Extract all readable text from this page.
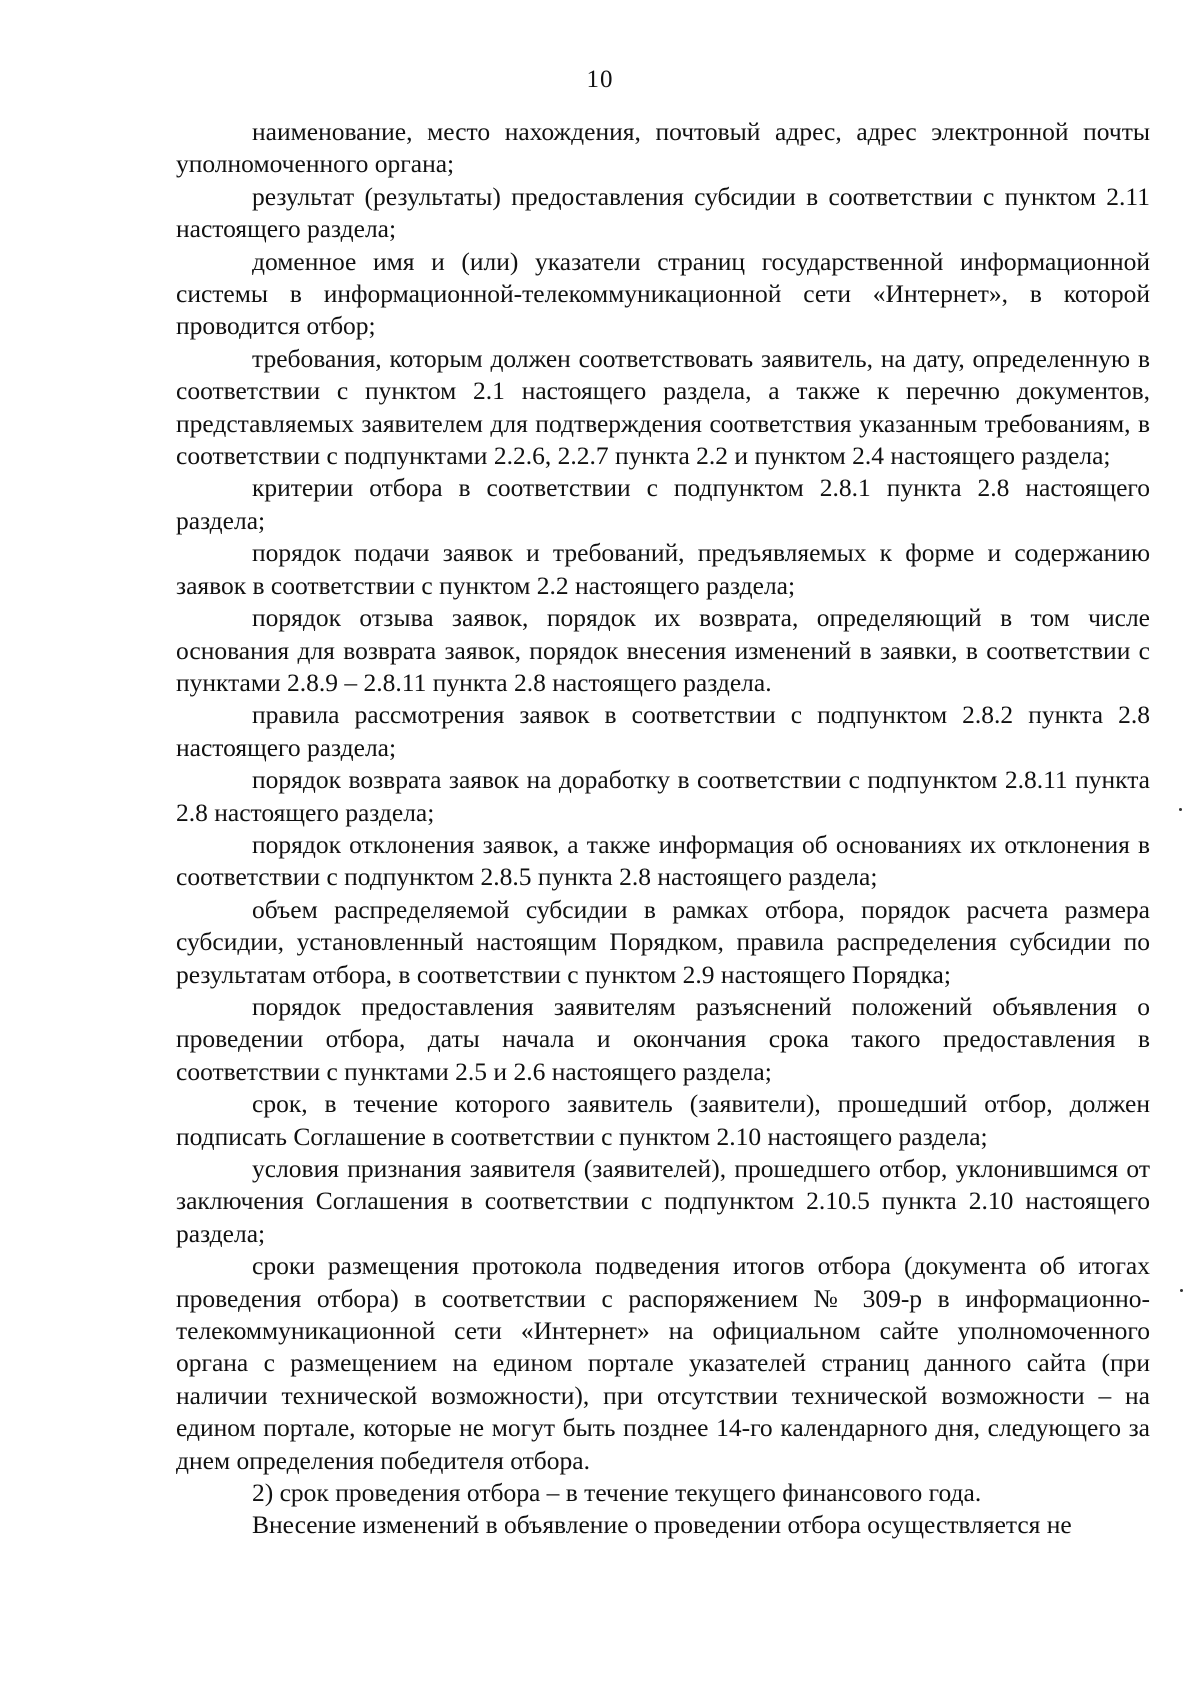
10

наименование, место нахождения, почтовый адрес, адрес электронной почты уполномоченного органа;

результат (результаты) предоставления субсидии в соответствии с пунктом 2.11 настоящего раздела;

доменное имя и (или) указатели страниц государственной информационной системы в информационной-телекоммуникационной сети «Интернет», в которой проводится отбор;

требования, которым должен соответствовать заявитель, на дату, определенную в соответствии с пунктом 2.1 настоящего раздела, а также к перечню документов, представляемых заявителем для подтверждения соответствия указанным требованиям, в соответствии с подпунктами 2.2.6, 2.2.7 пункта 2.2 и пунктом 2.4 настоящего раздела;

критерии отбора в соответствии с подпунктом 2.8.1 пункта 2.8 настоящего раздела;

порядок подачи заявок и требований, предъявляемых к форме и содержанию заявок в соответствии с пунктом 2.2 настоящего раздела;

порядок отзыва заявок, порядок их возврата, определяющий в том числе основания для возврата заявок, порядок внесения изменений в заявки, в соответствии с пунктами 2.8.9 – 2.8.11 пункта 2.8 настоящего раздела.

правила рассмотрения заявок в соответствии с подпунктом 2.8.2 пункта 2.8 настоящего раздела;

порядок возврата заявок на доработку в соответствии с подпунктом 2.8.11 пункта 2.8 настоящего раздела;

порядок отклонения заявок, а также информация об основаниях их отклонения в соответствии с подпунктом 2.8.5 пункта 2.8 настоящего раздела;

объем распределяемой субсидии в рамках отбора, порядок расчета размера субсидии, установленный настоящим Порядком, правила распределения субсидии по результатам отбора, в соответствии с пунктом 2.9 настоящего Порядка;

порядок предоставления заявителям разъяснений положений объявления о проведении отбора, даты начала и окончания срока такого предоставления в соответствии с пунктами 2.5 и 2.6 настоящего раздела;

срок, в течение которого заявитель (заявители), прошедший отбор, должен подписать Соглашение в соответствии с пунктом 2.10 настоящего раздела;

условия признания заявителя (заявителей), прошедшего отбор, уклонившимся от заключения Соглашения в соответствии с подпунктом 2.10.5 пункта 2.10 настоящего раздела;

сроки размещения протокола подведения итогов отбора (документа об итогах проведения отбора) в соответствии с распоряжением № 309-р в информационно-телекоммуникационной сети «Интернет» на официальном сайте уполномоченного органа с размещением на едином портале указателей страниц данного сайта (при наличии технической возможности), при отсутствии технической возможности – на едином портале, которые не могут быть позднее 14-го календарного дня, следующего за днем определения победителя отбора.

2) срок проведения отбора – в течение текущего финансового года.

Внесение изменений в объявление о проведении отбора осуществляется не
